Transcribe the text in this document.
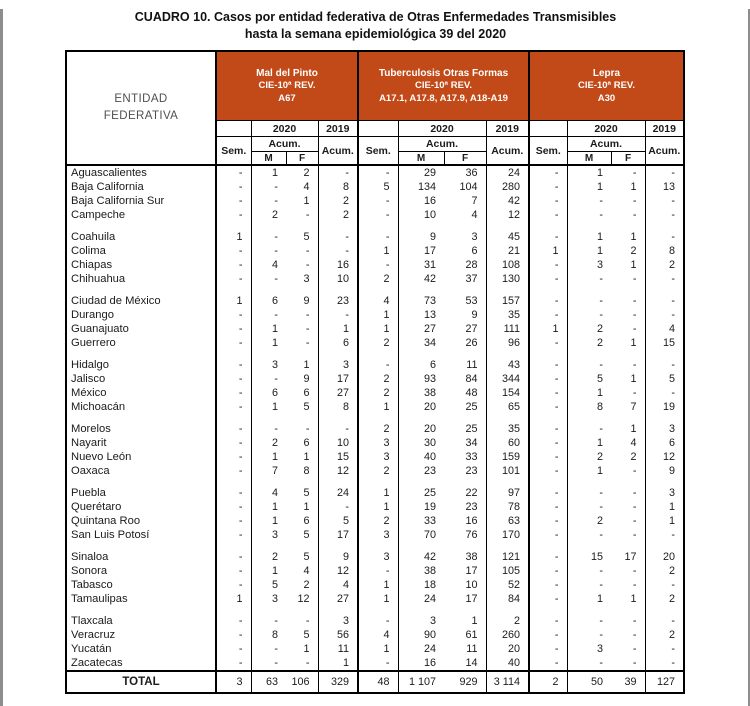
CUADRO 10. Casos por entidad federativa de Otras Enfermedades Transmisibles
hasta la semana epidemiológica 39 del 2020
ENTIDAD
FEDERATIVA	Mal del Pinto
CIE-10ª REV.
A67				Tuberculosis Otras Formas
CIE-10ª REV.
A17.1, A17.8, A17.9, A18-A19				Lepra
CIE-10ª REV.
A30			

		2020		2019		2020		2019		2020		2019
	Sem.	Acum.		Acum.	Sem.	Acum.		Acum.	Sem.	Acum.		Acum.
		M	F			M	F			M	F	
Aguascalientes	-	1	2	-	-	29	36	24	-	1	-	-
Baja California	-	-	4	8	5	134	104	280	-	1	1	13
Baja California Sur	-	-	1	2	-	16	7	42	-	-	-	-
Campeche	-	2	-	2	-	10	4	12	-	-	-	-

Coahuila	1	-	5	-	-	9	3	45	-	1	1	-
Colima	-	-	-	-	1	17	6	21	1	1	2	8
Chiapas	-	4	-	16	-	31	28	108	-	3	1	2
Chihuahua	-	-	3	10	2	42	37	130	-	-	-	-

Ciudad de México	1	6	9	23	4	73	53	157	-	-	-	-
Durango	-	-	-	-	1	13	9	35	-	-	-	-
Guanajuato	-	1	-	1	1	27	27	111	1	2	-	4
Guerrero	-	1	-	6	2	34	26	96	-	2	1	15

Hidalgo	-	3	1	3	-	6	11	43	-	-	-	-
Jalisco	-	-	9	17	2	93	84	344	-	5	1	5
México	-	6	6	27	2	38	48	154	-	1	-	-
Michoacán	-	1	5	8	1	20	25	65	-	8	7	19

Morelos	-	-	-	-	2	20	25	35	-	-	1	3
Nayarit	-	2	6	10	3	30	34	60	-	1	4	6
Nuevo León	-	1	1	15	3	40	33	159	-	2	2	12
Oaxaca	-	7	8	12	2	23	23	101	-	1	-	9

Puebla	-	4	5	24	1	25	22	97	-	-	-	3
Querétaro	-	1	1	-	1	19	23	78	-	-	-	1
Quintana Roo	-	1	6	5	2	33	16	63	-	2	-	1
San Luis Potosí	-	3	5	17	3	70	76	170	-	-	-	-

Sinaloa	-	2	5	9	3	42	38	121	-	15	17	20
Sonora	-	1	4	12	-	38	17	105	-	-	-	2
Tabasco	-	5	2	4	1	18	10	52	-	-	-	-
Tamaulipas	1	3	12	27	1	24	17	84	-	1	1	2

Tlaxcala	-	-	-	3	-	3	1	2	-	-	-	-
Veracruz	-	8	5	56	4	90	61	260	-	-	-	2
Yucatán	-	-	1	11	1	24	11	20	-	3	-	-
Zacatecas	-	-	-	1	-	16	14	40	-	-	-	-
TOTAL	3	63	106	329	48	1 107	929	3 114	2	50	39	127
